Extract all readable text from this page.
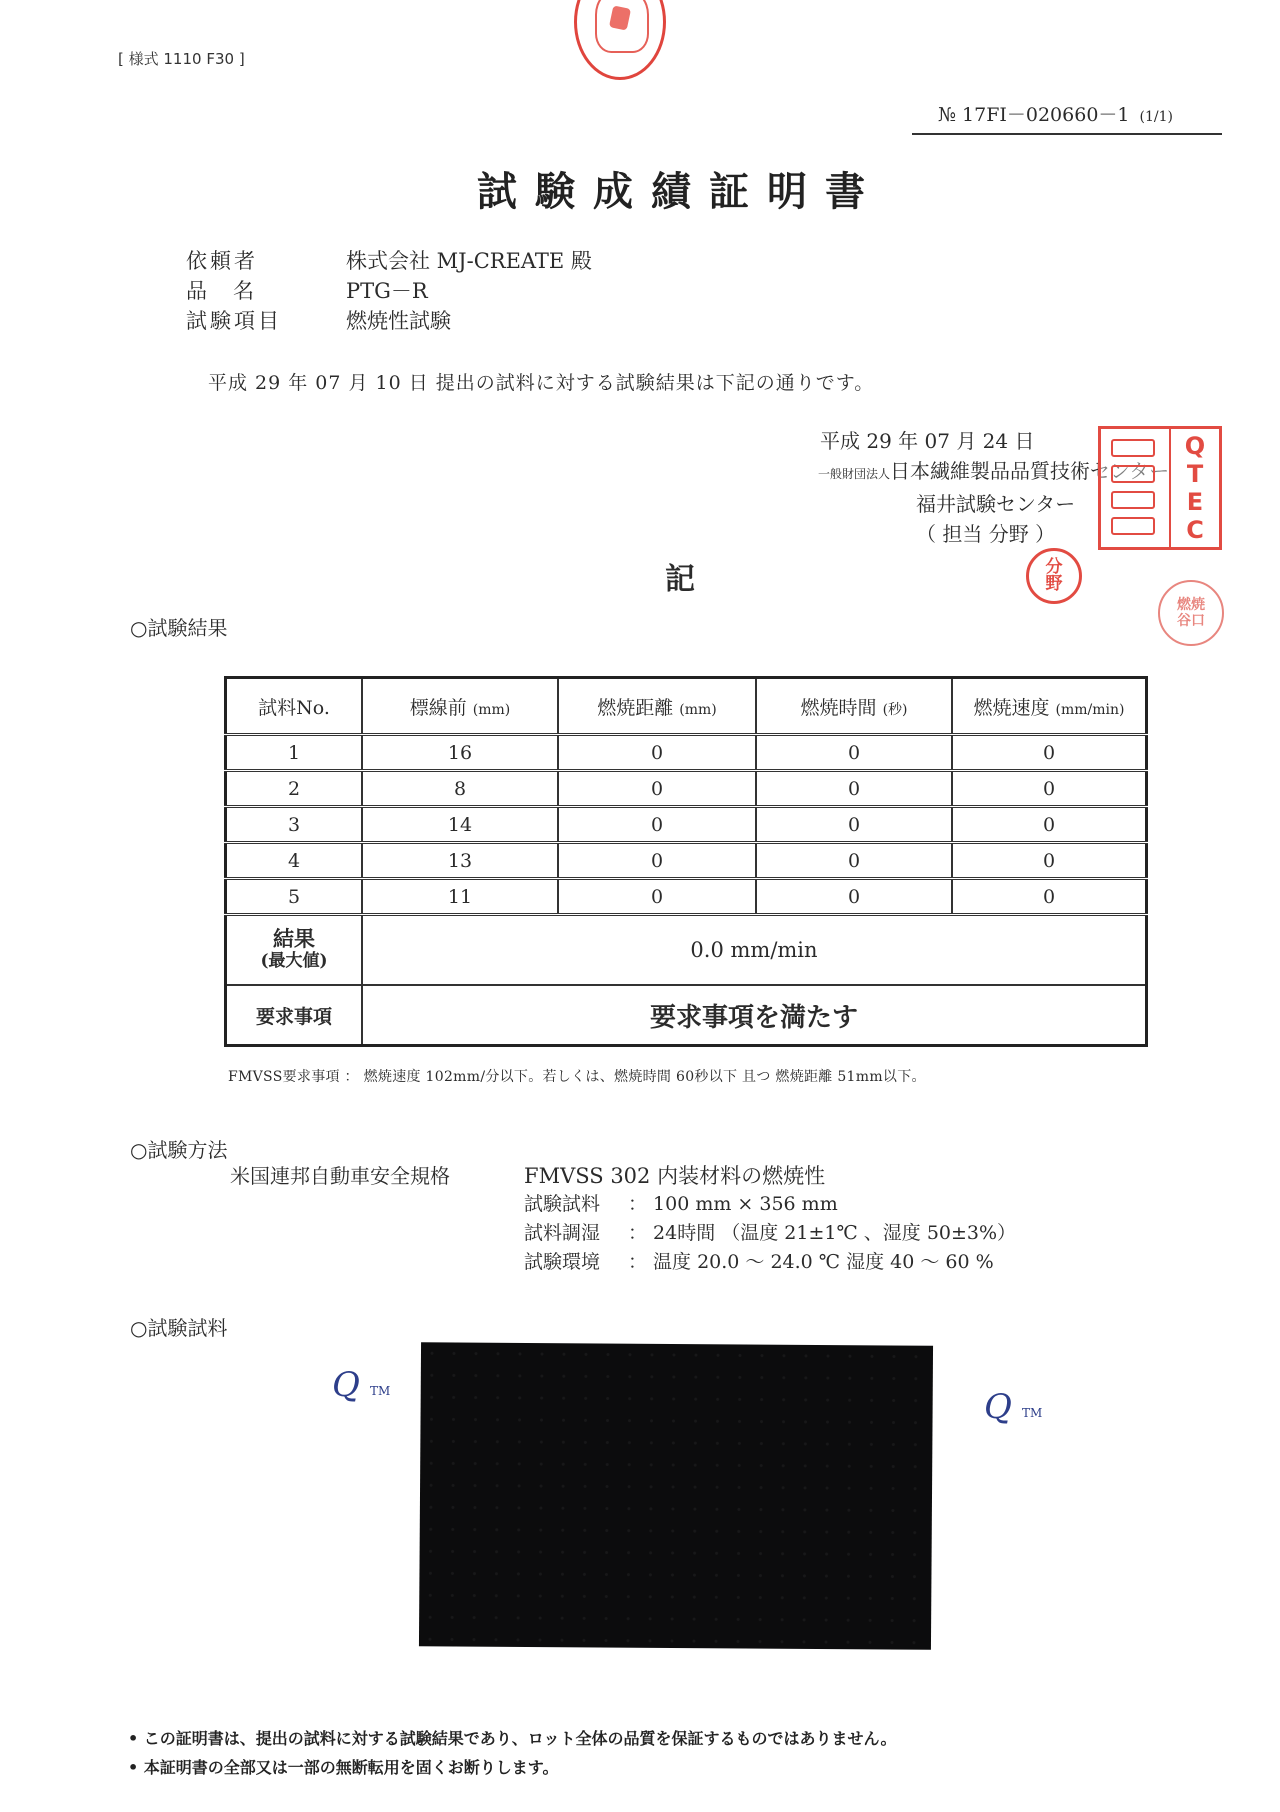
[ 様式 1110 F30 ]
№ 17FI－020660－1 (1/1)
試験成績証明書
依頼者	株式会社 MJ-CREATE 殿
品名	PTG－R
試験項目	燃焼性試験
平成 29 年 07 月 10 日 提出の試料に対する試験結果は下記の通りです。
平成 29 年 07 月 24 日
一般財団法人日本繊維製品品質技術センター
福井試験センター
（ 担当 分野 ）
Q
T
E
C
分
野
燃焼
谷口
記
○試験結果
試料No.	標線前 (mm)	燃焼距離 (mm)	燃焼時間 (秒)	燃焼速度 (mm/min)
1	16	0	0	0
2	8	0	0	0
3	14	0	0	0
4	13	0	0	0
5	11	0	0	0
結果
(最大値)	0.0 mm/min			
要求事項	要求事項を満たす			
FMVSS要求事項 ： 燃焼速度 102mm/分以下。若しくは、燃焼時間 60秒以下 且つ 燃焼距離 51mm以下。
○試験方法
米国連邦自動車安全規格	FMVSS 302 内装材料の燃焼性
試験試料 ： 100 mm × 356 mm
試料調湿 ： 24時間 （温度 21±1℃ 、湿度 50±3%）
試験環境 ： 温度 20.0 〜 24.0 ℃ 湿度 40 〜 60 %
○試験試料
Q TM	Q TM
• この証明書は、提出の試料に対する試験結果であり、ロット全体の品質を保証するものではありません。
• 本証明書の全部又は一部の無断転用を固くお断りします。
